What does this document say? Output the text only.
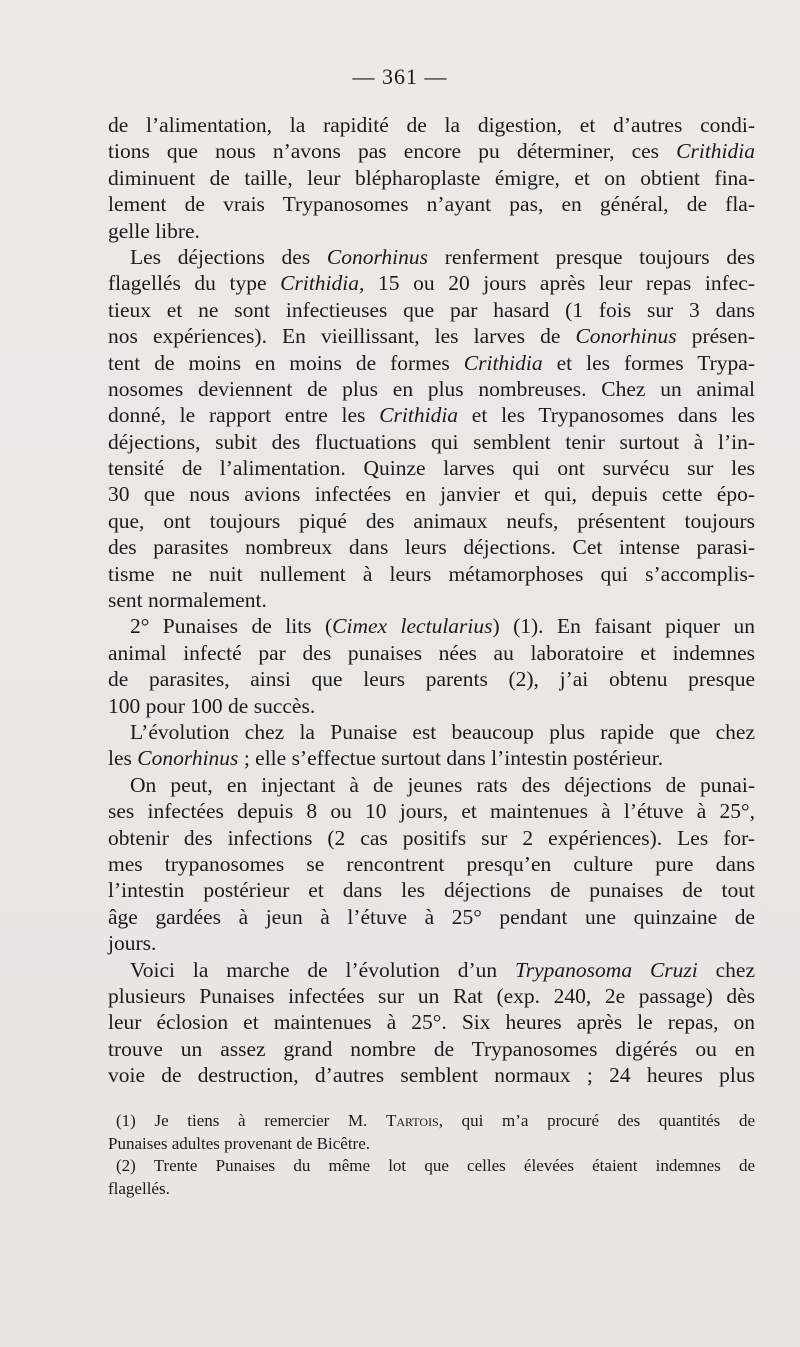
— 361 —
de l’alimentation, la rapidité de la digestion, et d’autres condi-
tions que nous n’avons pas encore pu déterminer, ces Crithidia
diminuent de taille, leur blépharoplaste émigre, et on obtient fina-
lement de vrais Trypanosomes n’ayant pas, en général, de fla-
gelle libre.
Les déjections des Conorhinus renferment presque toujours des
flagellés du type Crithidia, 15 ou 20 jours après leur repas infec-
tieux et ne sont infectieuses que par hasard (1 fois sur 3 dans
nos expériences). En vieillissant, les larves de Conorhinus présen-
tent de moins en moins de formes Crithidia et les formes Trypa-
nosomes deviennent de plus en plus nombreuses. Chez un animal
donné, le rapport entre les Crithidia et les Trypanosomes dans les
déjections, subit des fluctuations qui semblent tenir surtout à l’in-
tensité de l’alimentation. Quinze larves qui ont survécu sur les
30 que nous avions infectées en janvier et qui, depuis cette épo-
que, ont toujours piqué des animaux neufs, présentent toujours
des parasites nombreux dans leurs déjections. Cet intense parasi-
tisme ne nuit nullement à leurs métamorphoses qui s’accomplis-
sent normalement.
2° Punaises de lits (Cimex lectularius) (1). En faisant piquer un
animal infecté par des punaises nées au laboratoire et indemnes
de parasites, ainsi que leurs parents (2), j’ai obtenu presque
100 pour 100 de succès.
L’évolution chez la Punaise est beaucoup plus rapide que chez
les Conorhinus ; elle s’effectue surtout dans l’intestin postérieur.
On peut, en injectant à de jeunes rats des déjections de punai-
ses infectées depuis 8 ou 10 jours, et maintenues à l’étuve à 25°,
obtenir des infections (2 cas positifs sur 2 expériences). Les for-
mes trypanosomes se rencontrent presqu’en culture pure dans
l’intestin postérieur et dans les déjections de punaises de tout
âge gardées à jeun à l’étuve à 25° pendant une quinzaine de
jours.
Voici la marche de l’évolution d’un Trypanosoma Cruzi chez
plusieurs Punaises infectées sur un Rat (exp. 240, 2e passage) dès
leur éclosion et maintenues à 25°. Six heures après le repas, on
trouve un assez grand nombre de Trypanosomes digérés ou en
voie de destruction, d’autres semblent normaux ; 24 heures plus
(1) Je tiens à remercier M. Tartois, qui m’a procuré des quantités de
Punaises adultes provenant de Bicêtre.
(2) Trente Punaises du même lot que celles élevées étaient indemnes de
flagellés.
